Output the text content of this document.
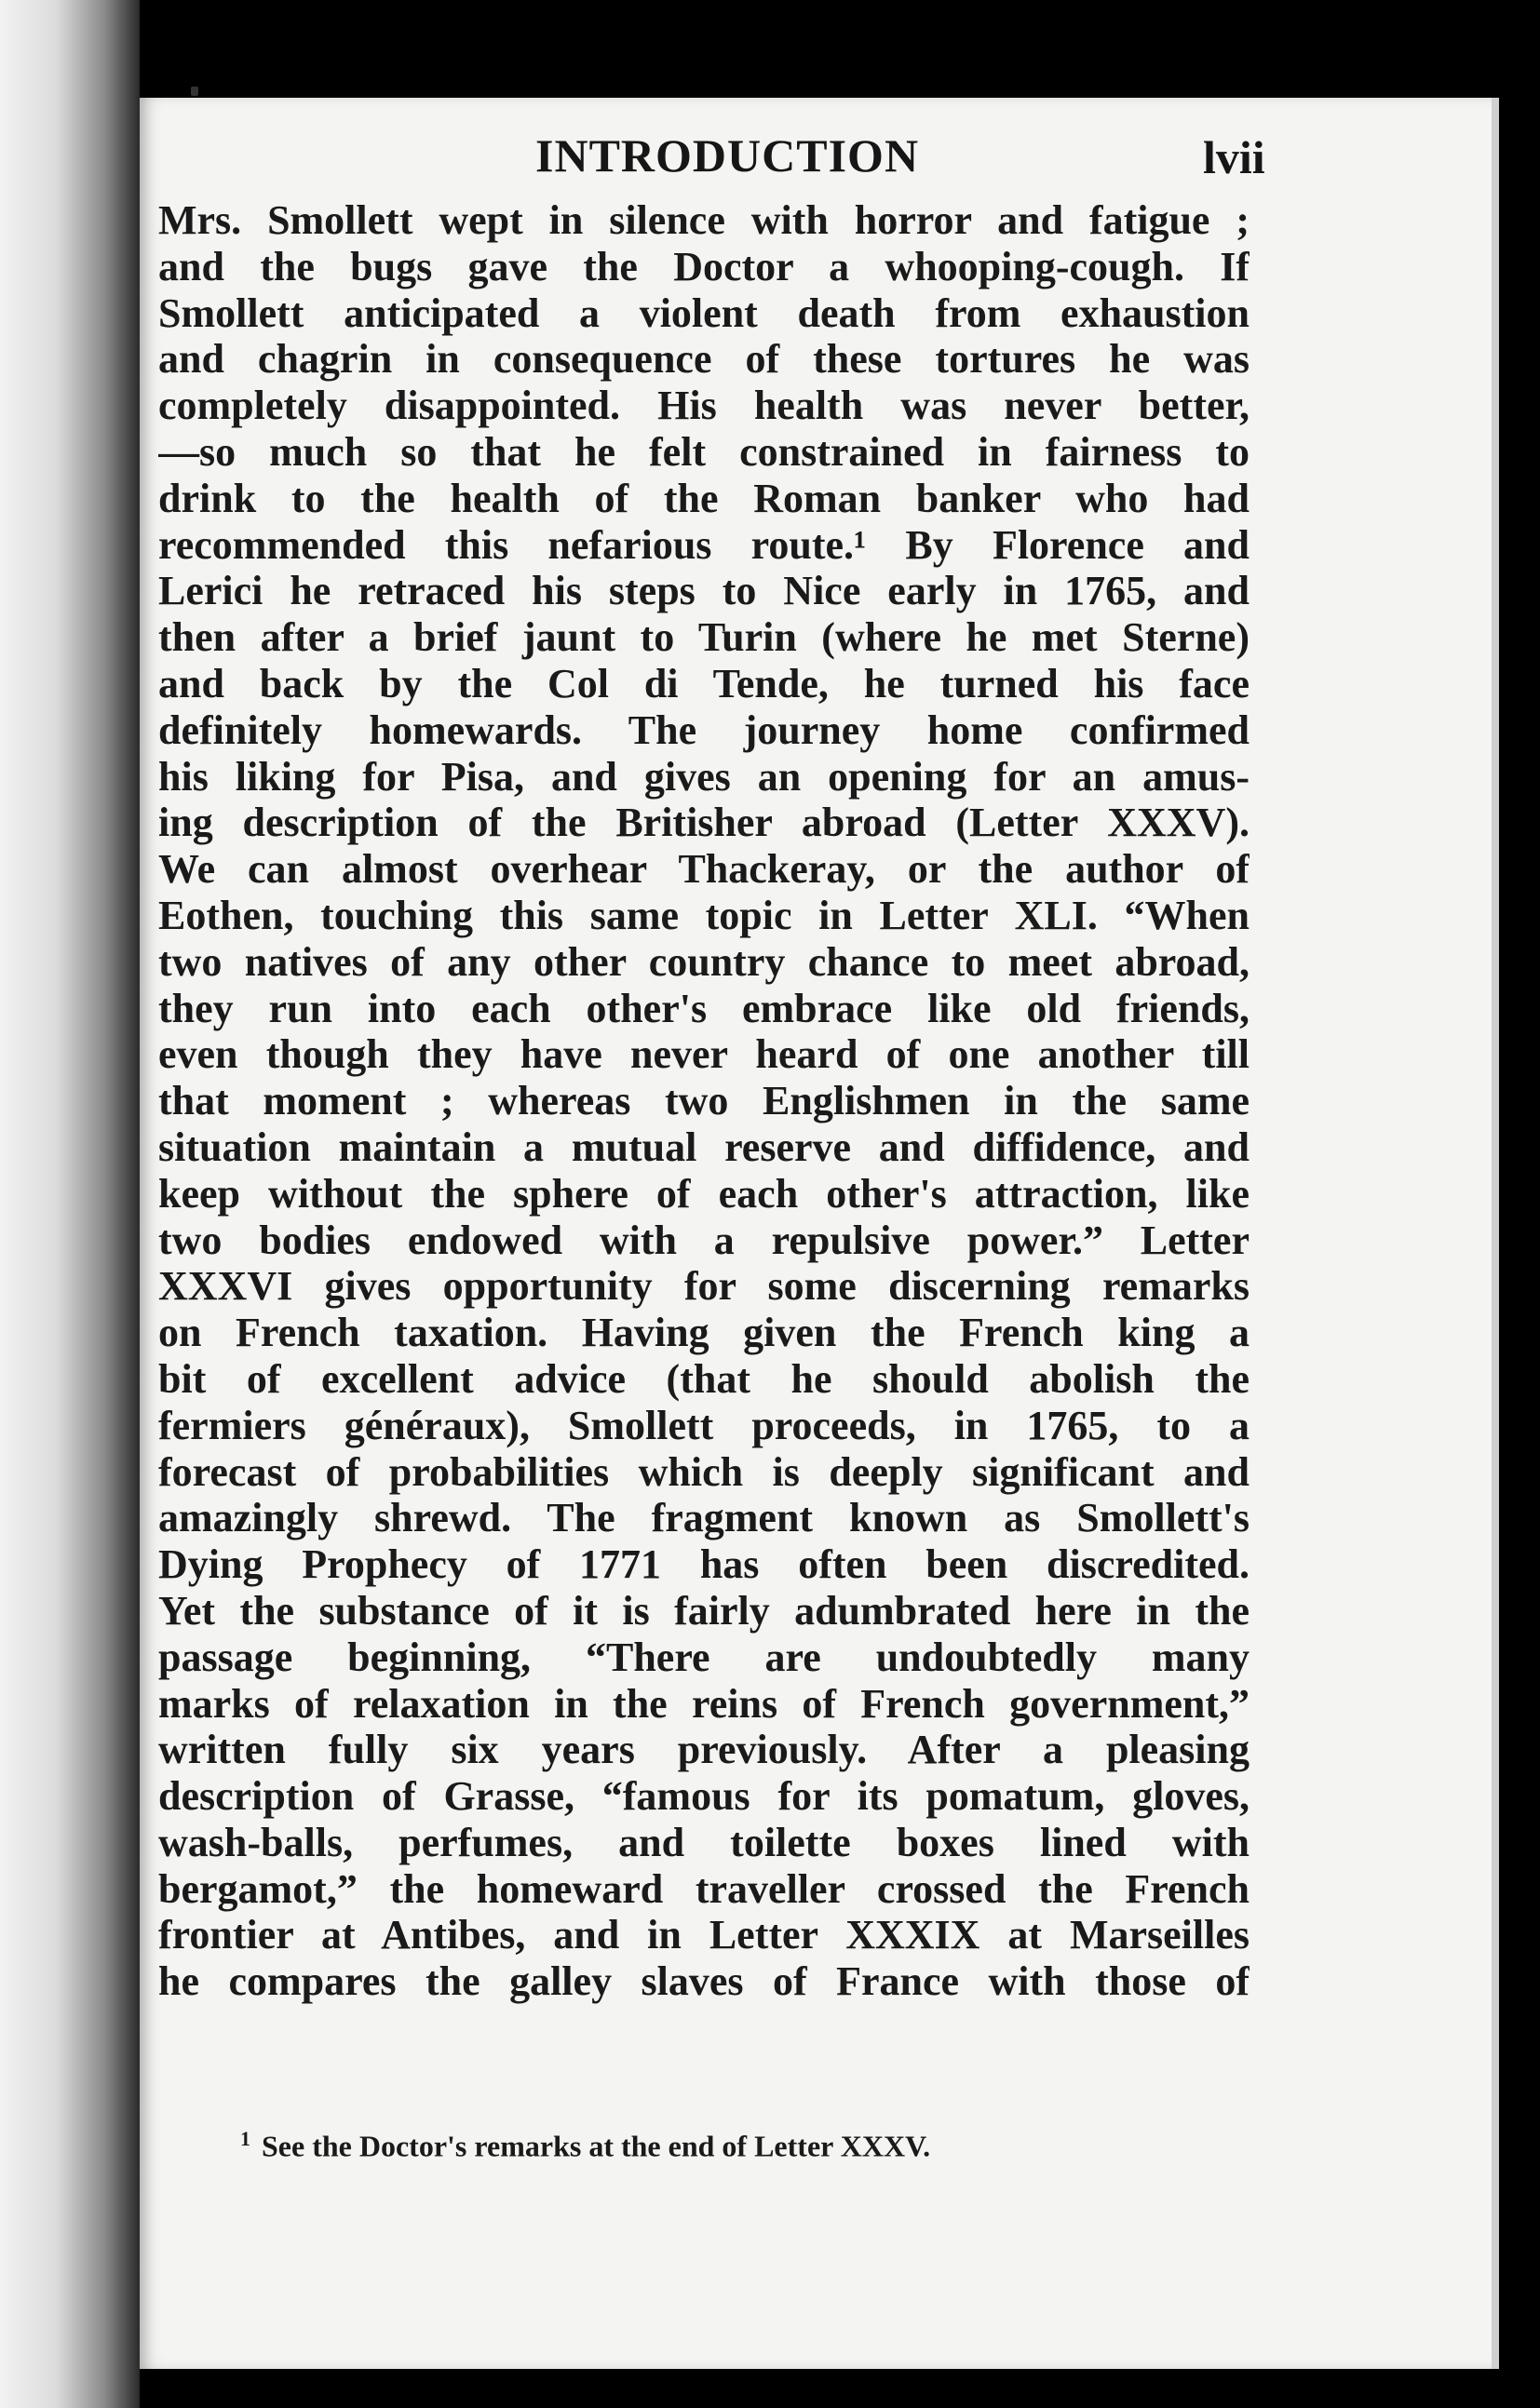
INTRODUCTION	lvii
Mrs. Smollett wept in silence with horror and fatigue ;
and the bugs gave the Doctor a whooping-cough. If
Smollett anticipated a violent death from exhaustion
and chagrin in consequence of these tortures he was
completely disappointed. His health was never better,
—so much so that he felt constrained in fairness to
drink to the health of the Roman banker who had
recommended this nefarious route.¹ By Florence and
Lerici he retraced his steps to Nice early in 1765, and
then after a brief jaunt to Turin (where he met Sterne)
and back by the Col di Tende, he turned his face
definitely homewards. The journey home confirmed
his liking for Pisa, and gives an opening for an amus-
ing description of the Britisher abroad (Letter XXXV).
We can almost overhear Thackeray, or the author of
Eothen, touching this same topic in Letter XLI. “When
two natives of any other country chance to meet abroad,
they run into each other's embrace like old friends,
even though they have never heard of one another till
that moment ; whereas two Englishmen in the same
situation maintain a mutual reserve and diffidence, and
keep without the sphere of each other's attraction, like
two bodies endowed with a repulsive power.” Letter
XXXVI gives opportunity for some discerning remarks
on French taxation. Having given the French king a
bit of excellent advice (that he should abolish the
fermiers généraux), Smollett proceeds, in 1765, to a
forecast of probabilities which is deeply significant and
amazingly shrewd. The fragment known as Smollett's
Dying Prophecy of 1771 has often been discredited.
Yet the substance of it is fairly adumbrated here in the
passage beginning, “There are undoubtedly many
marks of relaxation in the reins of French government,”
written fully six years previously. After a pleasing
description of Grasse, “famous for its pomatum, gloves,
wash-balls, perfumes, and toilette boxes lined with
bergamot,” the homeward traveller crossed the French
frontier at Antibes, and in Letter XXXIX at Marseilles
he compares the galley slaves of France with those of
$^1$ See the Doctor's remarks at the end of Letter XXXV.
